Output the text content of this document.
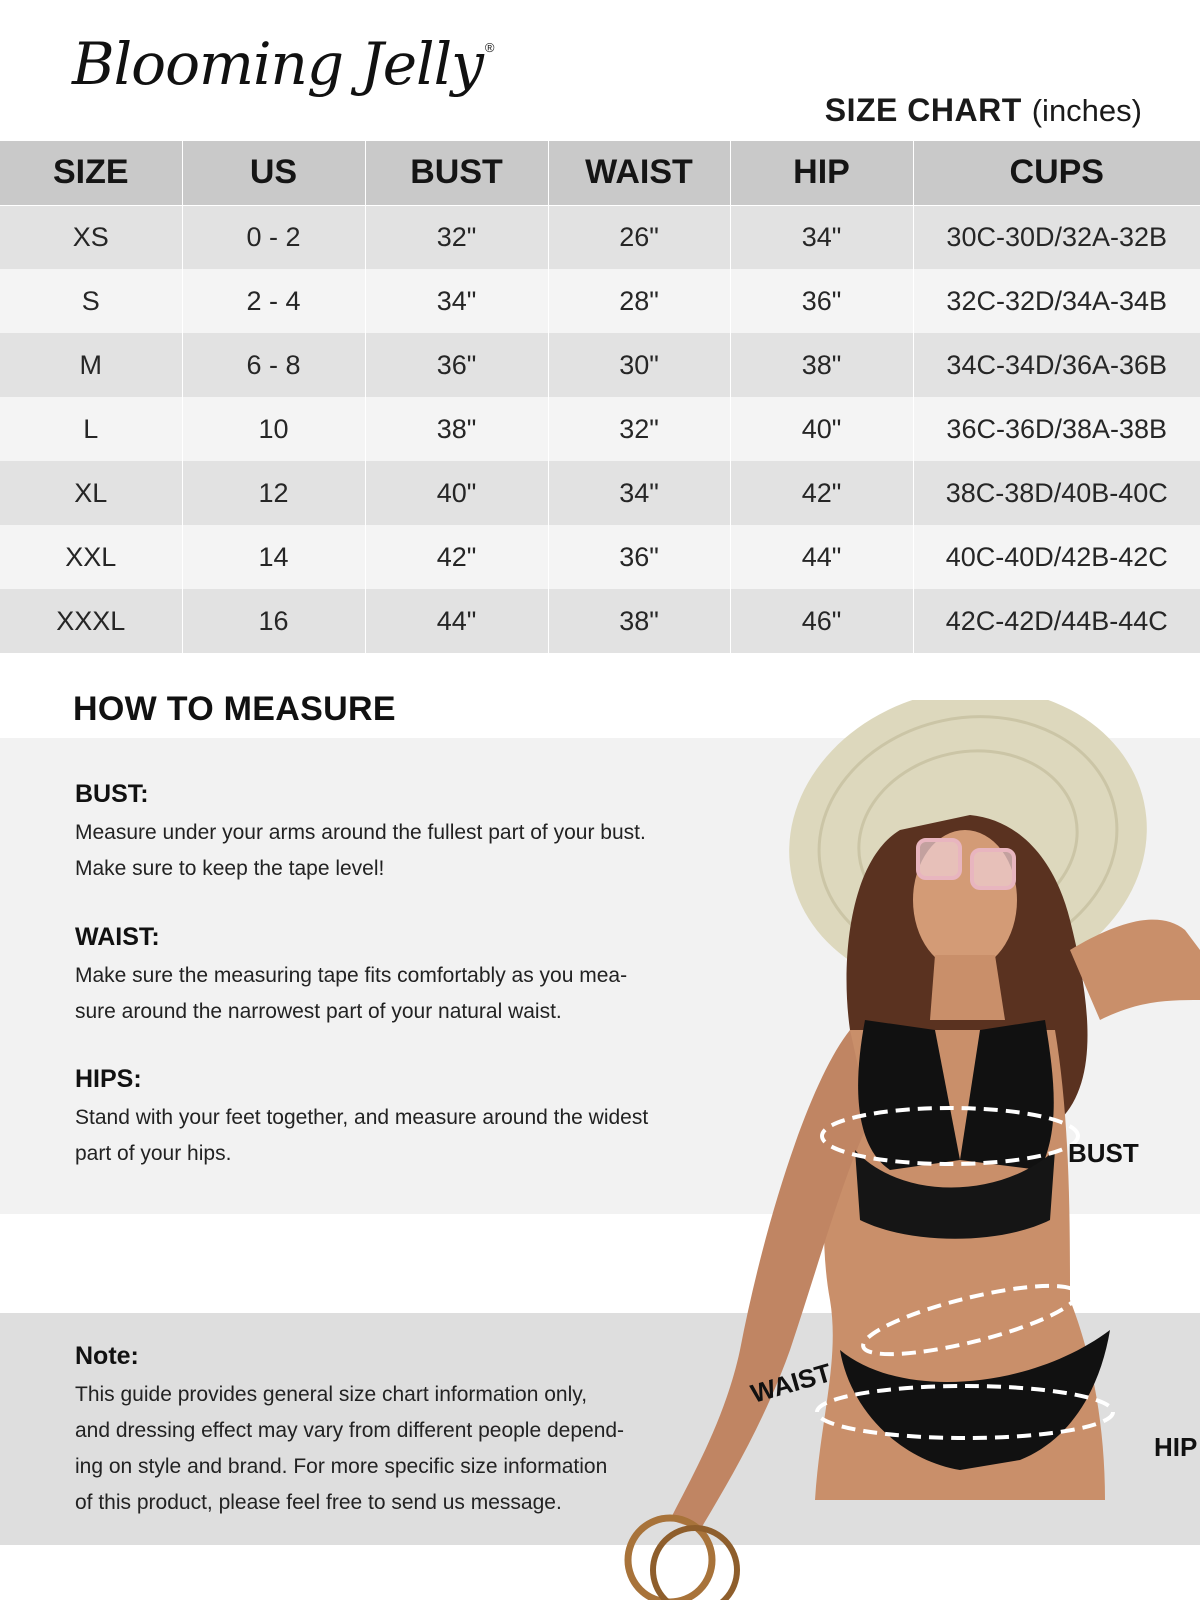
Blooming Jelly ®
SIZE CHART (inches)
SIZE	US	BUST	WAIST	HIP	CUPS
XS	0 - 2	32"	26"	34"	30C-30D/32A-32B
S	2 - 4	34"	28"	36"	32C-32D/34A-34B
M	6 - 8	36"	30"	38"	34C-34D/36A-36B
L	10	38"	32"	40"	36C-36D/38A-38B
XL	12	40"	34"	42"	38C-38D/40B-40C
XXL	14	42"	36"	44"	40C-40D/42B-42C
XXXL	16	44"	38"	46"	42C-42D/44B-44C
HOW TO MEASURE
BUST:
Measure under your arms around the fullest part of your bust.
Make sure to keep the tape level!
WAIST:
Make sure the measuring tape fits comfortably as you mea-
sure around the narrowest part of your natural waist.
HIPS:
Stand with your feet together, and measure around the widest
part of your hips.
Note:
This guide provides general size chart information only,
and dressing effect may vary from different people depend-
ing on style and brand. For more specific size information
of this product, please feel free to send us message.
BUST
WAIST
HIP
